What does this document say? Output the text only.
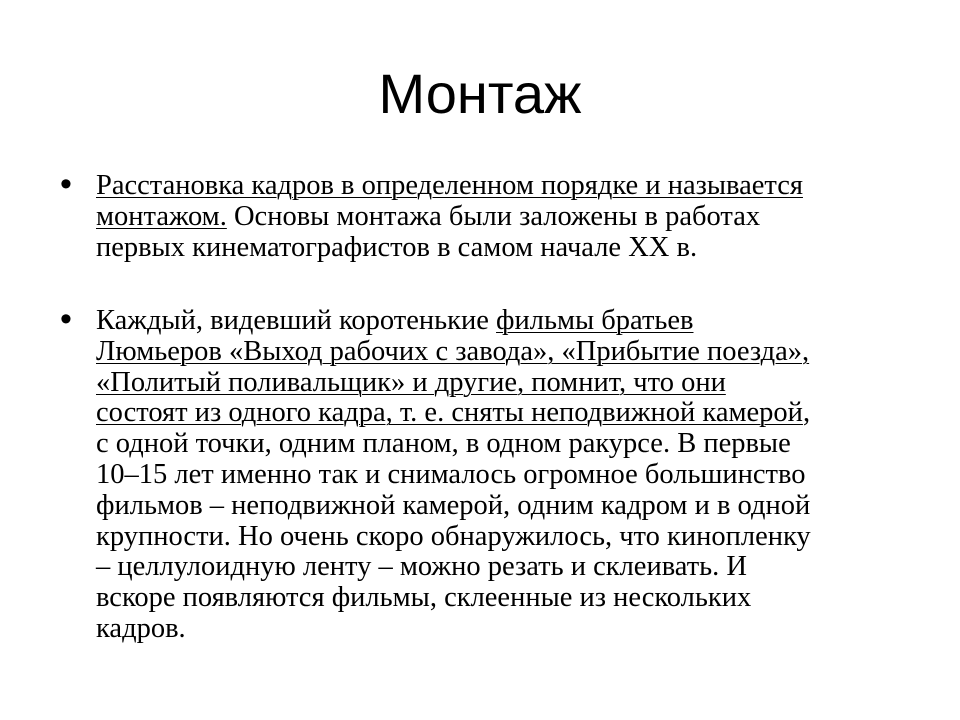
Монтаж
• Расстановка кадров в определенном порядке и называется
монтажом. Основы монтажа были заложены в работах
первых кинематографистов в самом начале ХХ в.
• Каждый, видевший коротенькие фильмы братьев
Люмьеров «Выход рабочих с завода», «Прибытие поезда»,
«Политый поливальщик» и другие, помнит, что они
состоят из одного кадра, т. е. сняты неподвижной камерой,
с одной точки, одним планом, в одном ракурсе. В первые
10–15 лет именно так и снималось огромное большинство
фильмов – неподвижной камерой, одним кадром и в одной
крупности. Но очень скоро обнаружилось, что кинопленку
– целлулоидную ленту – можно резать и склеивать. И
вскоре появляются фильмы, склеенные из нескольких
кадров.
